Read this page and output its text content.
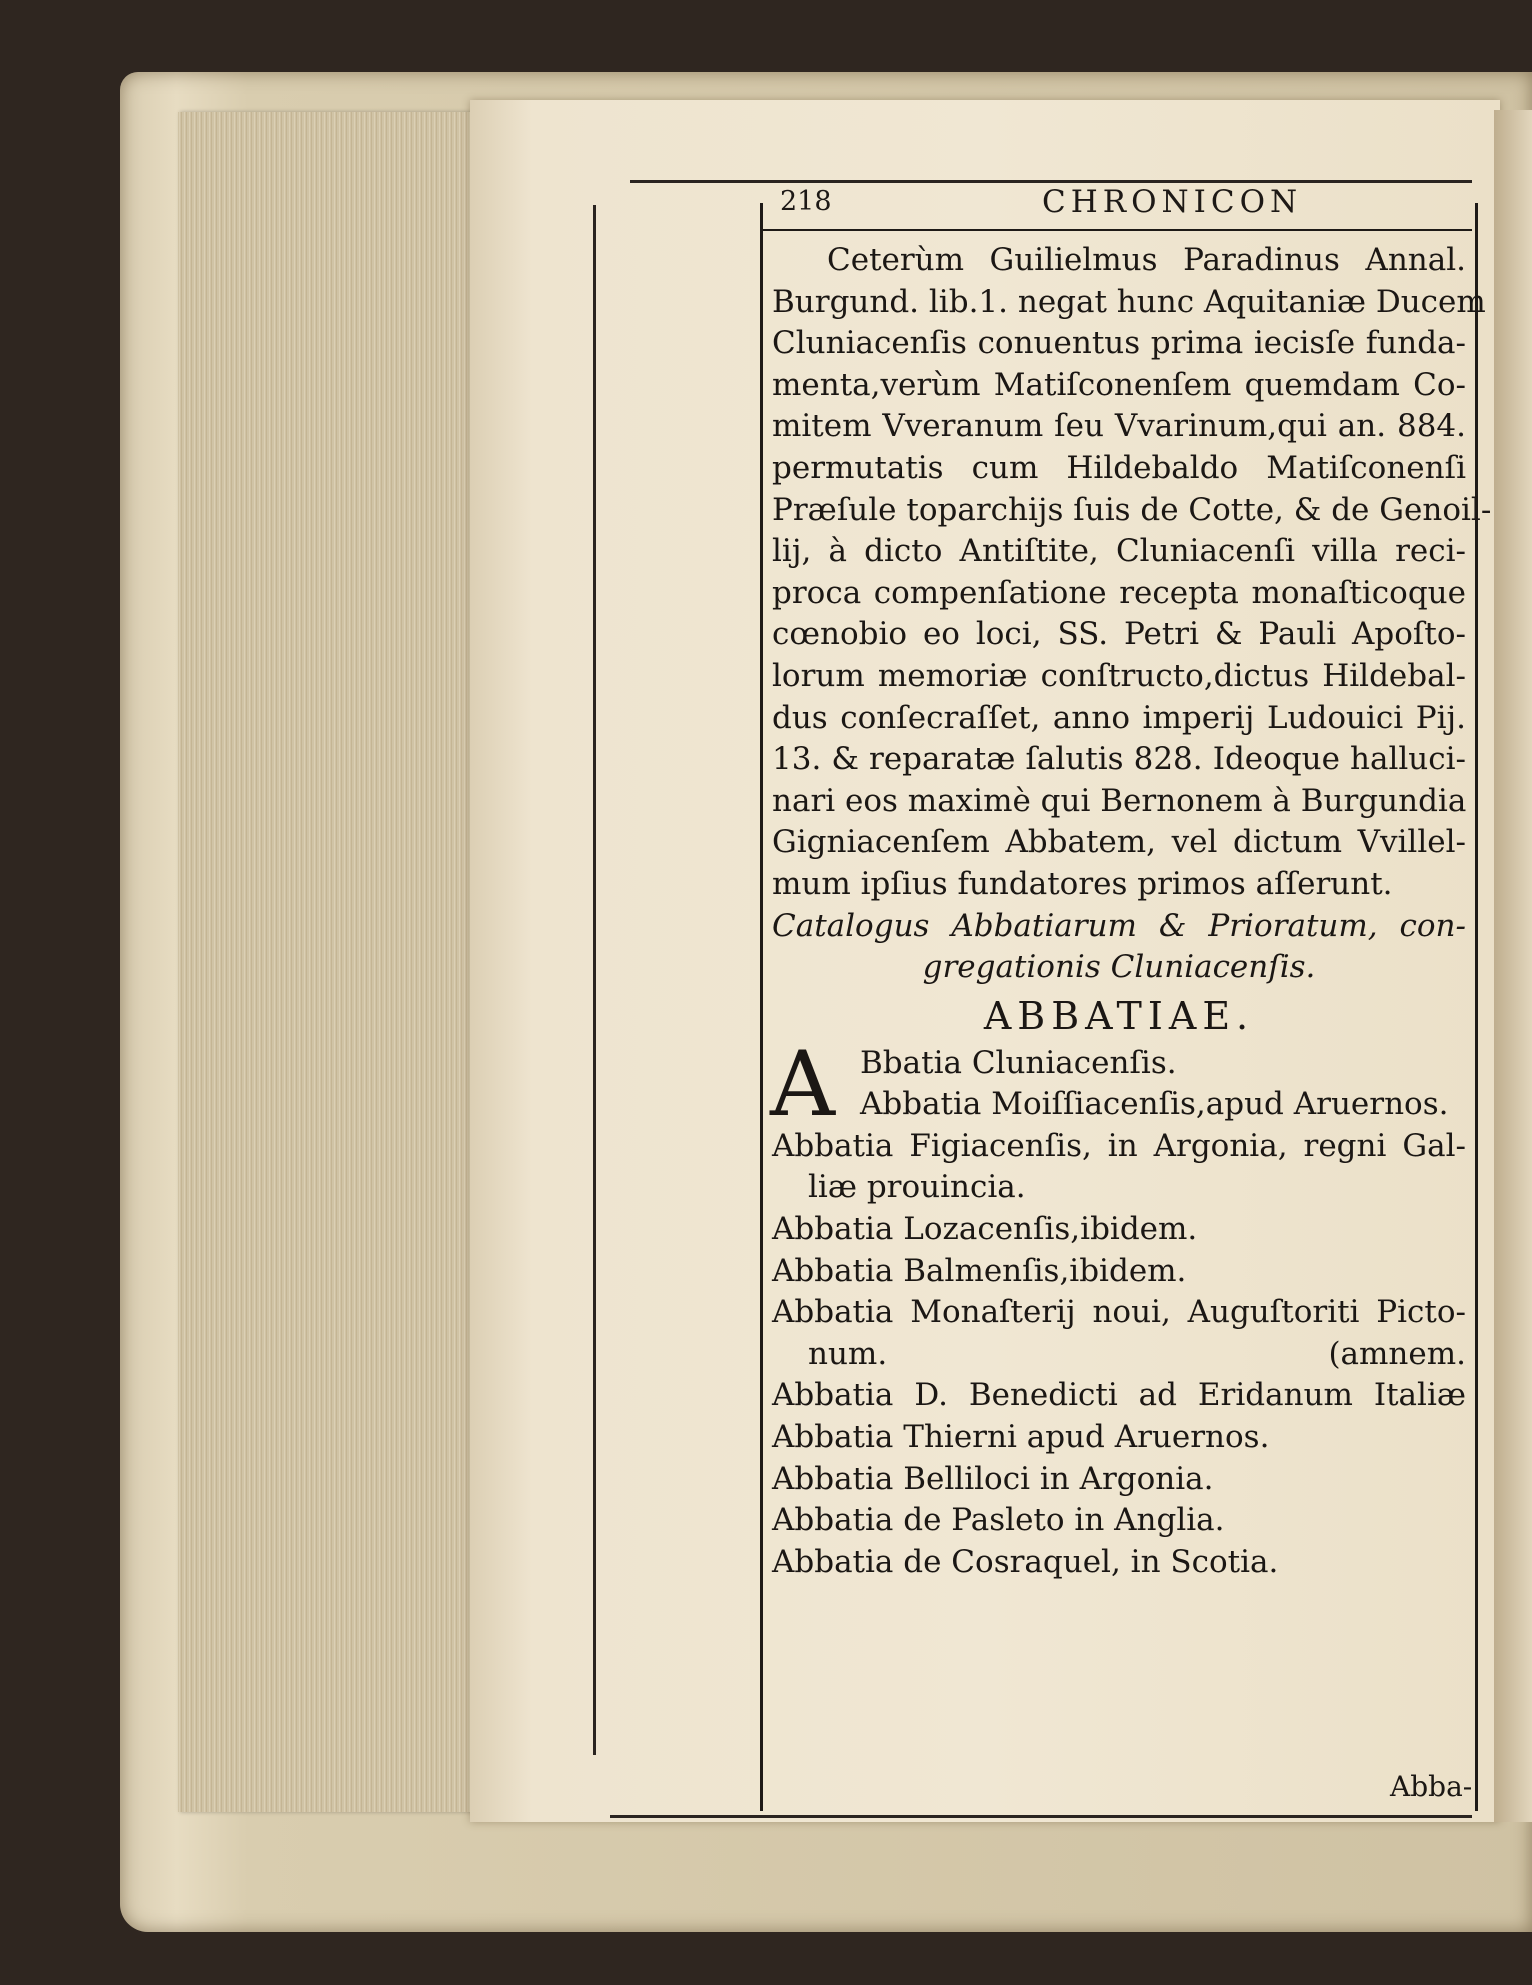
218	CHRONICON
Ceterùm Guilielmus Paradinus Annal.
Burgund. lib.1. negat hunc Aquitaniæ Ducem
Cluniacenſis conuentus prima iecisſe funda-
menta,verùm Matiſconenſem quemdam Co-
mitem Vveranum ſeu Vvarinum,qui an. 884.
permutatis cum Hildebaldo Matiſconenſi
Præſule toparchijs ſuis de Cotte, & de Genoil-
lij, à dicto Antiſtite, Cluniacenſi villa reci-
proca compenſatione recepta monaſticoque
cœnobio eo loci, SS. Petri & Pauli Apoſto-
lorum memoriæ conſtructo,dictus Hildebal-
dus conſecraſſet, anno imperij Ludouici Pij.
13. & reparatæ ſalutis 828. Ideoque halluci-
nari eos maximè qui Bernonem à Burgundia
Gigniacenſem Abbatem, vel dictum Vvillel-
mum ipſius fundatores primos aſſerunt.
Catalogus Abbatiarum & Prioratum, con-
gregationis Cluniacenſis.
ABBATIAE.
A Bbatia Cluniacenſis.
Abbatia Moiſſiacenſis,apud Aruernos.
Abbatia Figiacenſis, in Argonia, regni Gal-
liæ prouincia.
Abbatia Lozacenſis,ibidem.
Abbatia Balmenſis,ibidem.
Abbatia Monaſterij noui, Auguſtoriti Picto-
num.	(amnem.
Abbatia D. Benedicti ad Eridanum Italiæ
Abbatia Thierni apud Aruernos.
Abbatia Belliloci in Argonia.
Abbatia de Pasleto in Anglia.
Abbatia de Cosraquel, in Scotia.
Abba-
